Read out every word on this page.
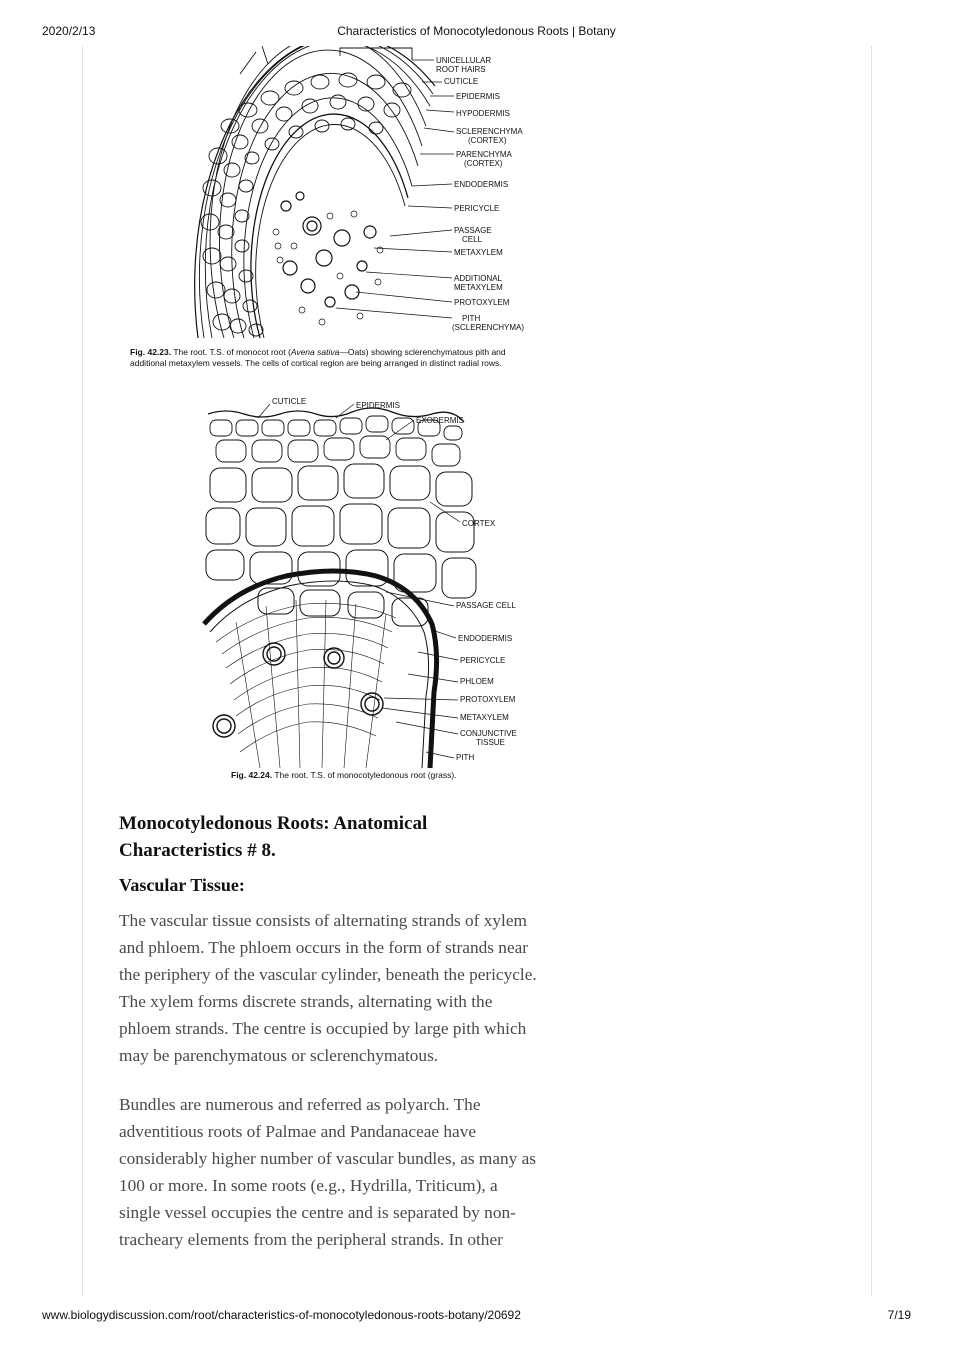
2020/2/13	Characteristics of Monocotyledonous Roots | Botany
UNICELLULAR
ROOT HAIRS
CUTICLE
EPIDERMIS
HYPODERMIS
SCLERENCHYMA
(CORTEX)
PARENCHYMA
(CORTEX)
ENDODERMIS
PERICYCLE
PASSAGE
CELL
METAXYLEM
ADDITIONAL
METAXYLEM
PROTOXYLEM
PITH
(SCLERENCHYMA)
Fig. 42.23. The root. T.S. of monocot root (Avena sativa—Oats) showing sclerenchymatous pith and
additional metaxylem vessels. The cells of cortical region are being arranged in distinct radial rows.
CUTICLE	EPIDERMIS
EXODERMIS
CORTEX
PASSAGE CELL
ENDODERMIS
PERICYCLE
PHLOEM
PROTOXYLEM
METAXYLEM
CONJUNCTIVE
TISSUE
PITH
Fig. 42.24. The root. T.S. of monocotyledonous root (grass).
Monocotyledonous Roots: Anatomical
Characteristics # 8.
Vascular Tissue:
The vascular tissue consists of alternating strands of xylem
and phloem. The phloem occurs in the form of strands near
the periphery of the vascular cylinder, beneath the pericycle.
The xylem forms discrete strands, alternating with the
phloem strands. The centre is occupied by large pith which
may be parenchymatous or sclerenchymatous.
Bundles are numerous and referred as polyarch. The
adventitious roots of Palmae and Pandanaceae have
considerably higher number of vascular bundles, as many as
100 or more. In some roots (e.g., Hydrilla, Triticum), a
single vessel occupies the centre and is separated by non-
tracheary elements from the peripheral strands. In other
www.biologydiscussion.com/root/characteristics-of-monocotyledonous-roots-botany/20692	7/19
